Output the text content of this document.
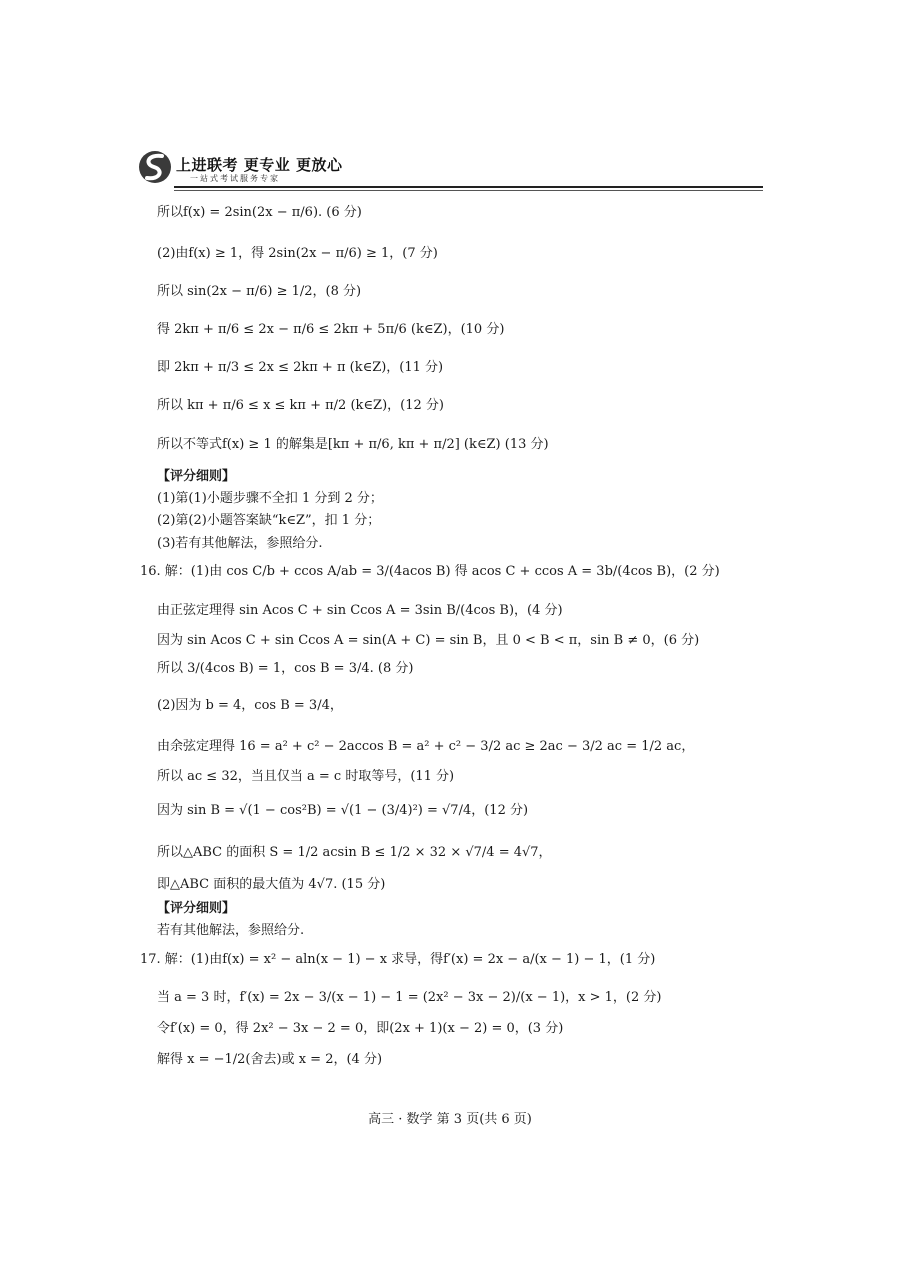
上进联考 更专业 更放心
一站式考试服务专家
所以f(x) = 2sin(2x − π/6). (6 分)
(2)由f(x) ≥ 1，得 2sin(2x − π/6) ≥ 1，(7 分)
所以 sin(2x − π/6) ≥ 1/2，(8 分)
得 2kπ + π/6 ≤ 2x − π/6 ≤ 2kπ + 5π/6 (k∈Z)，(10 分)
即 2kπ + π/3 ≤ 2x ≤ 2kπ + π (k∈Z)，(11 分)
所以 kπ + π/6 ≤ x ≤ kπ + π/2 (k∈Z)，(12 分)
所以不等式f(x) ≥ 1 的解集是[kπ + π/6, kπ + π/2] (k∈Z) (13 分)
【评分细则】
(1)第(1)小题步骤不全扣 1 分到 2 分；
(2)第(2)小题答案缺“k∈Z”，扣 1 分；
(3)若有其他解法，参照给分.
16. 解：(1)由 cos C/b + ccos A/ab = 3/(4acos B) 得 acos C + ccos A = 3b/(4cos B)，(2 分)
由正弦定理得 sin Acos C + sin Ccos A = 3sin B/(4cos B)，(4 分)
因为 sin Acos C + sin Ccos A = sin(A + C) = sin B，且 0 < B < π，sin B ≠ 0，(6 分)
所以 3/(4cos B) = 1，cos B = 3/4. (8 分)
(2)因为 b = 4，cos B = 3/4，
由余弦定理得 16 = a² + c² − 2accos B = a² + c² − 3/2 ac ≥ 2ac − 3/2 ac = 1/2 ac，
所以 ac ≤ 32，当且仅当 a = c 时取等号，(11 分)
因为 sin B = √(1 − cos²B) = √(1 − (3/4)²) = √7/4，(12 分)
所以△ABC 的面积 S = 1/2 acsin B ≤ 1/2 × 32 × √7/4 = 4√7，
即△ABC 面积的最大值为 4√7. (15 分)
【评分细则】
若有其他解法，参照给分.
17. 解：(1)由f(x) = x² − aln(x − 1) − x 求导，得f′(x) = 2x − a/(x − 1) − 1，(1 分)
当 a = 3 时，f′(x) = 2x − 3/(x − 1) − 1 = (2x² − 3x − 2)/(x − 1)，x > 1，(2 分)
令f′(x) = 0，得 2x² − 3x − 2 = 0，即(2x + 1)(x − 2) = 0，(3 分)
解得 x = −1/2(舍去)或 x = 2，(4 分)
高三 · 数学 第 3 页(共 6 页)
